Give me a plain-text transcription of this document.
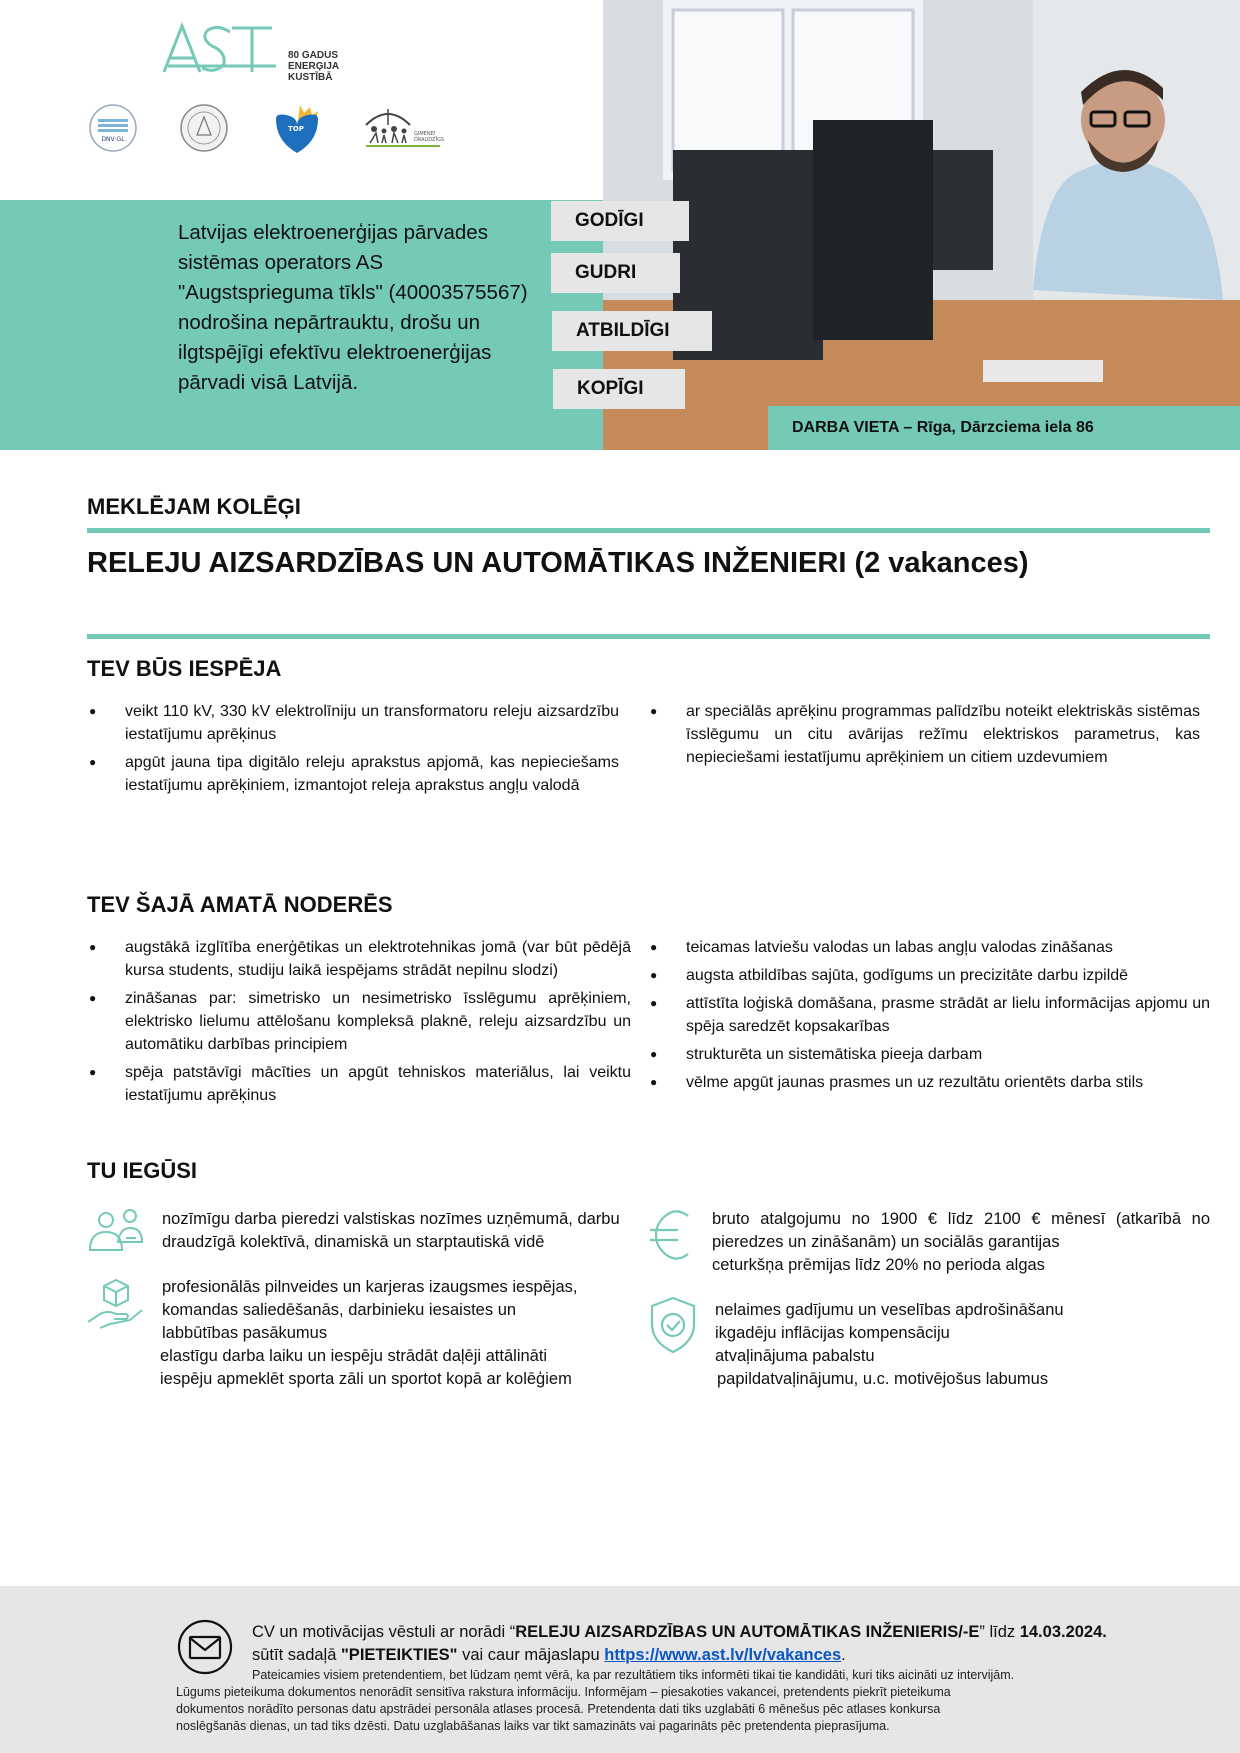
80 GADUS
ENERĢIJA
KUSTĪBĀ
DNV·GL
TOP
ĢIMENEI
DRAUDZĪGS
Latvijas elektroenerģijas pārvades sistēmas operators AS "Augstsprieguma tīkls" (40003575567) nodrošina nepārtrauktu, drošu un ilgtspējīgi efektīvu elektroenerģijas pārvadi visā Latvijā.
GODĪGI
GUDRI
ATBILDĪGI
KOPĪGI
DARBA VIETA – Rīga, Dārzciema iela 86
MEKLĒJAM KOLĒĢI
RELEJU AIZSARDZĪBAS UN AUTOMĀTIKAS INŽENIERI (2 vakances)
TEV BŪS IESPĒJA
● veikt 110 kV, 330 kV elektrolīniju un transformatoru releju aizsardzību iestatījumu aprēķinus
● apgūt jauna tipa digitālo releju aprakstus apjomā, kas nepieciešams iestatījumu aprēķiniem, izmantojot releja aprakstus angļu valodā
● ar speciālās aprēķinu programmas palīdzību noteikt elektriskās sistēmas īsslēgumu un citu avārijas režīmu elektriskos parametrus, kas nepieciešami iestatījumu aprēķiniem un citiem uzdevumiem
TEV ŠAJĀ AMATĀ NODERĒS
● augstākā izglītība enerģētikas un elektrotehnikas jomā (var būt pēdējā kursa students, studiju laikā iespējams strādāt nepilnu slodzi)
● zināšanas par: simetrisko un nesimetrisko īsslēgumu aprēķiniem, elektrisko lielumu attēlošanu kompleksā plaknē, releju aizsardzību un automātiku darbības principiem
● spēja patstāvīgi mācīties un apgūt tehniskos materiālus, lai veiktu iestatījumu aprēķinus
● teicamas latviešu valodas un labas angļu valodas zināšanas
● augsta atbildības sajūta, godīgums un precizitāte darbu izpildē
● attīstīta loģiskā domāšana, prasme strādāt ar lielu informācijas apjomu un spēja saredzēt kopsakarības
● strukturēta un sistemātiska pieeja darbam
● vēlme apgūt jaunas prasmes un uz rezultātu orientēts darba stils
TU IEGŪSI
nozīmīgu darba pieredzi valstiskas nozīmes uzņēmumā, darbu
draudzīgā kolektīvā, dinamiskā un starptautiskā vidē
profesionālās pilnveides un karjeras izaugsmes iespējas,
komandas saliedēšanās, darbinieku iesaistes un
labbūtības pasākumus
elastīgu darba laiku un iespēju strādāt daļēji attālināti
iespēju apmeklēt sporta zāli un sportot kopā ar kolēģiem
bruto atalgojumu no 1900 € līdz 2100 € mēnesī (atkarībā no
pieredzes un zināšanām) un sociālās garantijas
ceturkšņa prēmijas līdz 20% no perioda algas
nelaimes gadījumu un veselības apdrošināšanu
ikgadēju inflācijas kompensāciju
atvaļinājuma pabalstu
papildatvaļinājumu, u.c. motivējošus labumus
CV un motivācijas vēstuli ar norādi “RELEJU AIZSARDZĪBAS UN AUTOMĀTIKAS INŽENIERIS/-E” līdz 14.03.2024.
sūtīt sadaļā "PIETEIKTIES" vai caur mājaslapu https://www.ast.lv/lv/vakances.
Pateicamies visiem pretendentiem, bet lūdzam ņemt vērā, ka par rezultātiem tiks informēti tikai tie kandidāti, kuri tiks aicināti uz intervijām.
Lūgums pieteikuma dokumentos nenorādīt sensitīva rakstura informāciju. Informējam – piesakoties vakancei, pretendents piekrīt pieteikuma
dokumentos norādīto personas datu apstrādei personāla atlases procesā. Pretendenta dati tiks uzglabāti 6 mēnešus pēc atlases konkursa
noslēgšanās dienas, un tad tiks dzēsti. Datu uzglabāšanas laiks var tikt samazināts vai pagarināts pēc pretendenta pieprasījuma.
